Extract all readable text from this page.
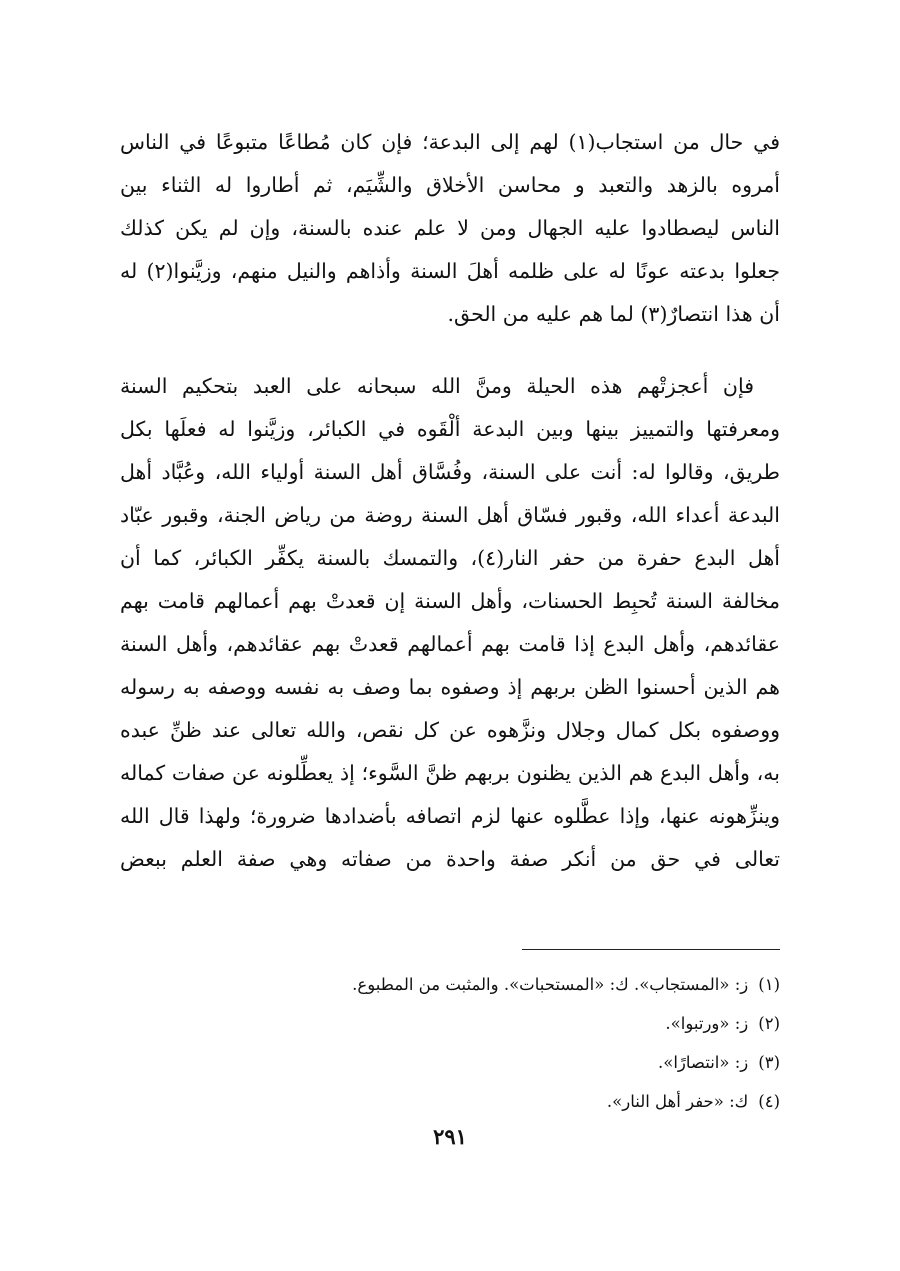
في حال من استجاب(١) لهم إلى البدعة؛ فإن كان مُطاعًا متبوعًا في الناس
أمروه بالزهد والتعبد و محاسن الأخلاق والشِّيَم، ثم أطاروا له الثناء بين
الناس ليصطادوا عليه الجهال ومن لا علم عنده بالسنة، وإن لم يكن كذلك
جعلوا بدعته عونًا له على ظلمه أهلَ السنة وأذاهم والنيل منهم، وزيَّنوا(٢) له
أن هذا انتصارٌ(٣) لما هم عليه من الحق.
فإن أعجزتْهم هذه الحيلة ومنَّ الله سبحانه على العبد بتحكيم السنة
ومعرفتها والتمييز بينها وبين البدعة ألْقَوه في الكبائر، وزيَّنوا له فعلَها بكل
طريق، وقالوا له: أنت على السنة، وفُسَّاق أهل السنة أولياء الله، وعُبَّاد أهل
البدعة أعداء الله، وقبور فسّاق أهل السنة روضة من رياض الجنة، وقبور عبّاد
أهل البدع حفرة من حفر النار(٤)، والتمسك بالسنة يكفِّر الكبائر، كما أن
مخالفة السنة تُحبِط الحسنات، وأهل السنة إن قعدتْ بهم أعمالهم قامت بهم
عقائدهم، وأهل البدع إذا قامت بهم أعمالهم قعدتْ بهم عقائدهم، وأهل السنة
هم الذين أحسنوا الظن بربهم إذ وصفوه بما وصف به نفسه ووصفه به رسوله
ووصفوه بكل كمال وجلال ونزَّهوه عن كل نقص، والله تعالى عند ظنِّ عبده
به، وأهل البدع هم الذين يظنون بربهم ظنَّ السَّوء؛ إذ يعطِّلونه عن صفات كماله
وينزِّهونه عنها، وإذا عطَّلوه عنها لزم اتصافه بأضدادها ضرورة؛ ولهذا قال الله
تعالى في حق من أنكر صفة واحدة من صفاته وهي صفة العلم ببعض
(١)ز: «المستجاب». ك: «المستحبات». والمثبت من المطبوع.
(٢)ز: «ورتبوا».
(٣)ز: «انتصارًا».
(٤)ك: «حفر أهل النار».
٢٩١
